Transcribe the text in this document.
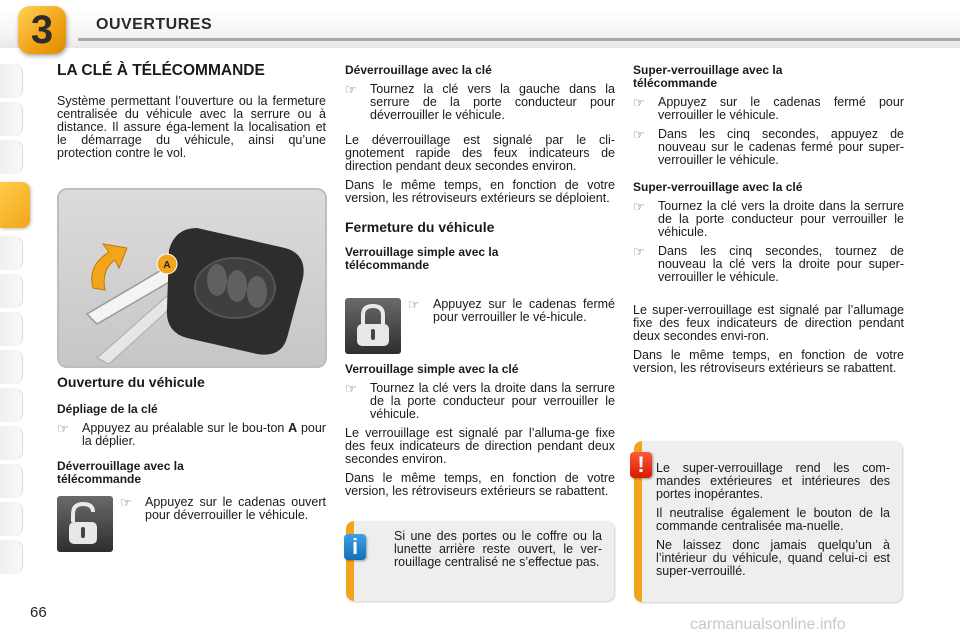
3	OUVERTURES
LA CLÉ À TÉLÉCOMMANDE

Système permettant l’ouverture ou la fermeture centralisée du véhicule avec la serrure ou à distance. Il assure éga-lement la localisation et le démarrage du véhicule, ainsi qu’une protection contre le vol.

A
Ouverture du véhicule
Dépliage de la clé
☞	Appuyez au préalable sur le bou-ton A pour la déplier.
Déverrouillage avec la télécommande
☞	Appuyez sur le cadenas ouvert pour déverrouiller le véhicule.
Déverrouillage avec la clé
☞	Tournez la clé vers la gauche dans la serrure de la porte conducteur pour déverrouiller le véhicule.

Le déverrouillage est signalé par le cli-gnotement rapide des feux indicateurs de direction pendant deux secondes environ.

Dans le même temps, en fonction de votre version, les rétroviseurs extérieurs se déploient.

Fermeture du véhicule
Verrouillage simple avec la télécommande
☞	Appuyez sur le cadenas fermé pour verrouiller le vé-hicule.
Verrouillage simple avec la clé
☞	Tournez la clé vers la droite dans la serrure de la porte conducteur pour verrouiller le véhicule.

Le verrouillage est signalé par l’alluma-ge fixe des feux indicateurs de direction pendant deux secondes environ.

Dans le même temps, en fonction de votre version, les rétroviseurs extérieurs se rabattent.

Si une des portes ou le coffre ou la lunette arrière reste ouvert, le ver-rouillage centralisé ne s’effectue pas.

i
Super-verrouillage avec la télécommande
☞	Appuyez sur le cadenas fermé pour verrouiller le véhicule.
☞	Dans les cinq secondes, appuyez de nouveau sur le cadenas fermé pour super-verrouiller le véhicule.
Super-verrouillage avec la clé
☞	Tournez la clé vers la droite dans la serrure de la porte conducteur pour verrouiller le véhicule.
☞	Dans les cinq secondes, tournez de nouveau la clé vers la droite pour super-verrouiller le véhicule.

Le super-verrouillage est signalé par l’allumage fixe des feux indicateurs de direction pendant deux secondes envi-ron.

Dans le même temps, en fonction de votre version, les rétroviseurs extérieurs se rabattent.

Le super-verrouillage rend les com-mandes extérieures et intérieures des portes inopérantes.

Il neutralise également le bouton de la commande centralisée ma-nuelle.

Ne laissez donc jamais quelqu’un à l’intérieur du véhicule, quand celui-ci est super-verrouillé.

!
66
carmanualsonline.info
